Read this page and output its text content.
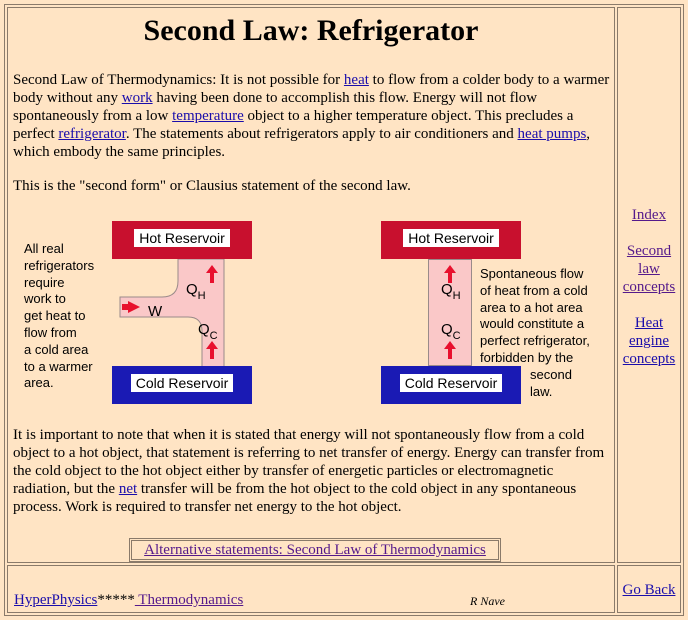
Second Law: Refrigerator

Second Law of Thermodynamics: It is not possible for heat to flow from a colder body to a warmer body without any work having been done to accomplish this flow. Energy will not flow spontaneously from a low temperature object to a higher temperature object. This precludes a perfect refrigerator. The statements about refrigerators apply to air conditioners and heat pumps, which embody the same principles.

This is the "second form" or Clausius statement of the second law.

All real
refrigerators
require
work to
get heat to
flow from
a cold area
to a warmer
area.
Hot Reservoir
W
$Q_H$
$Q_C$
Cold Reservoir
Hot Reservoir
$Q_H$
$Q_C$
Cold Reservoir
Spontaneous flow
of heat from a cold
area to a hot area
would constitute a
perfect refrigerator,
forbidden by the
second
law.

It is important to note that when it is stated that energy will not spontaneously flow from a cold object to a hot object, that statement is referring to net transfer of energy. Energy can transfer from the cold object to the hot object either by transfer of energetic particles or electromagnetic radiation, but the net transfer will be from the hot object to the cold object in any spontaneous process. Work is required to transfer net energy to the hot object.

Alternative statements: Second Law of Thermodynamics
Index
Second
law
concepts
Heat
engine
concepts
HyperPhysics***** Thermodynamics	R Nave
Go Back
